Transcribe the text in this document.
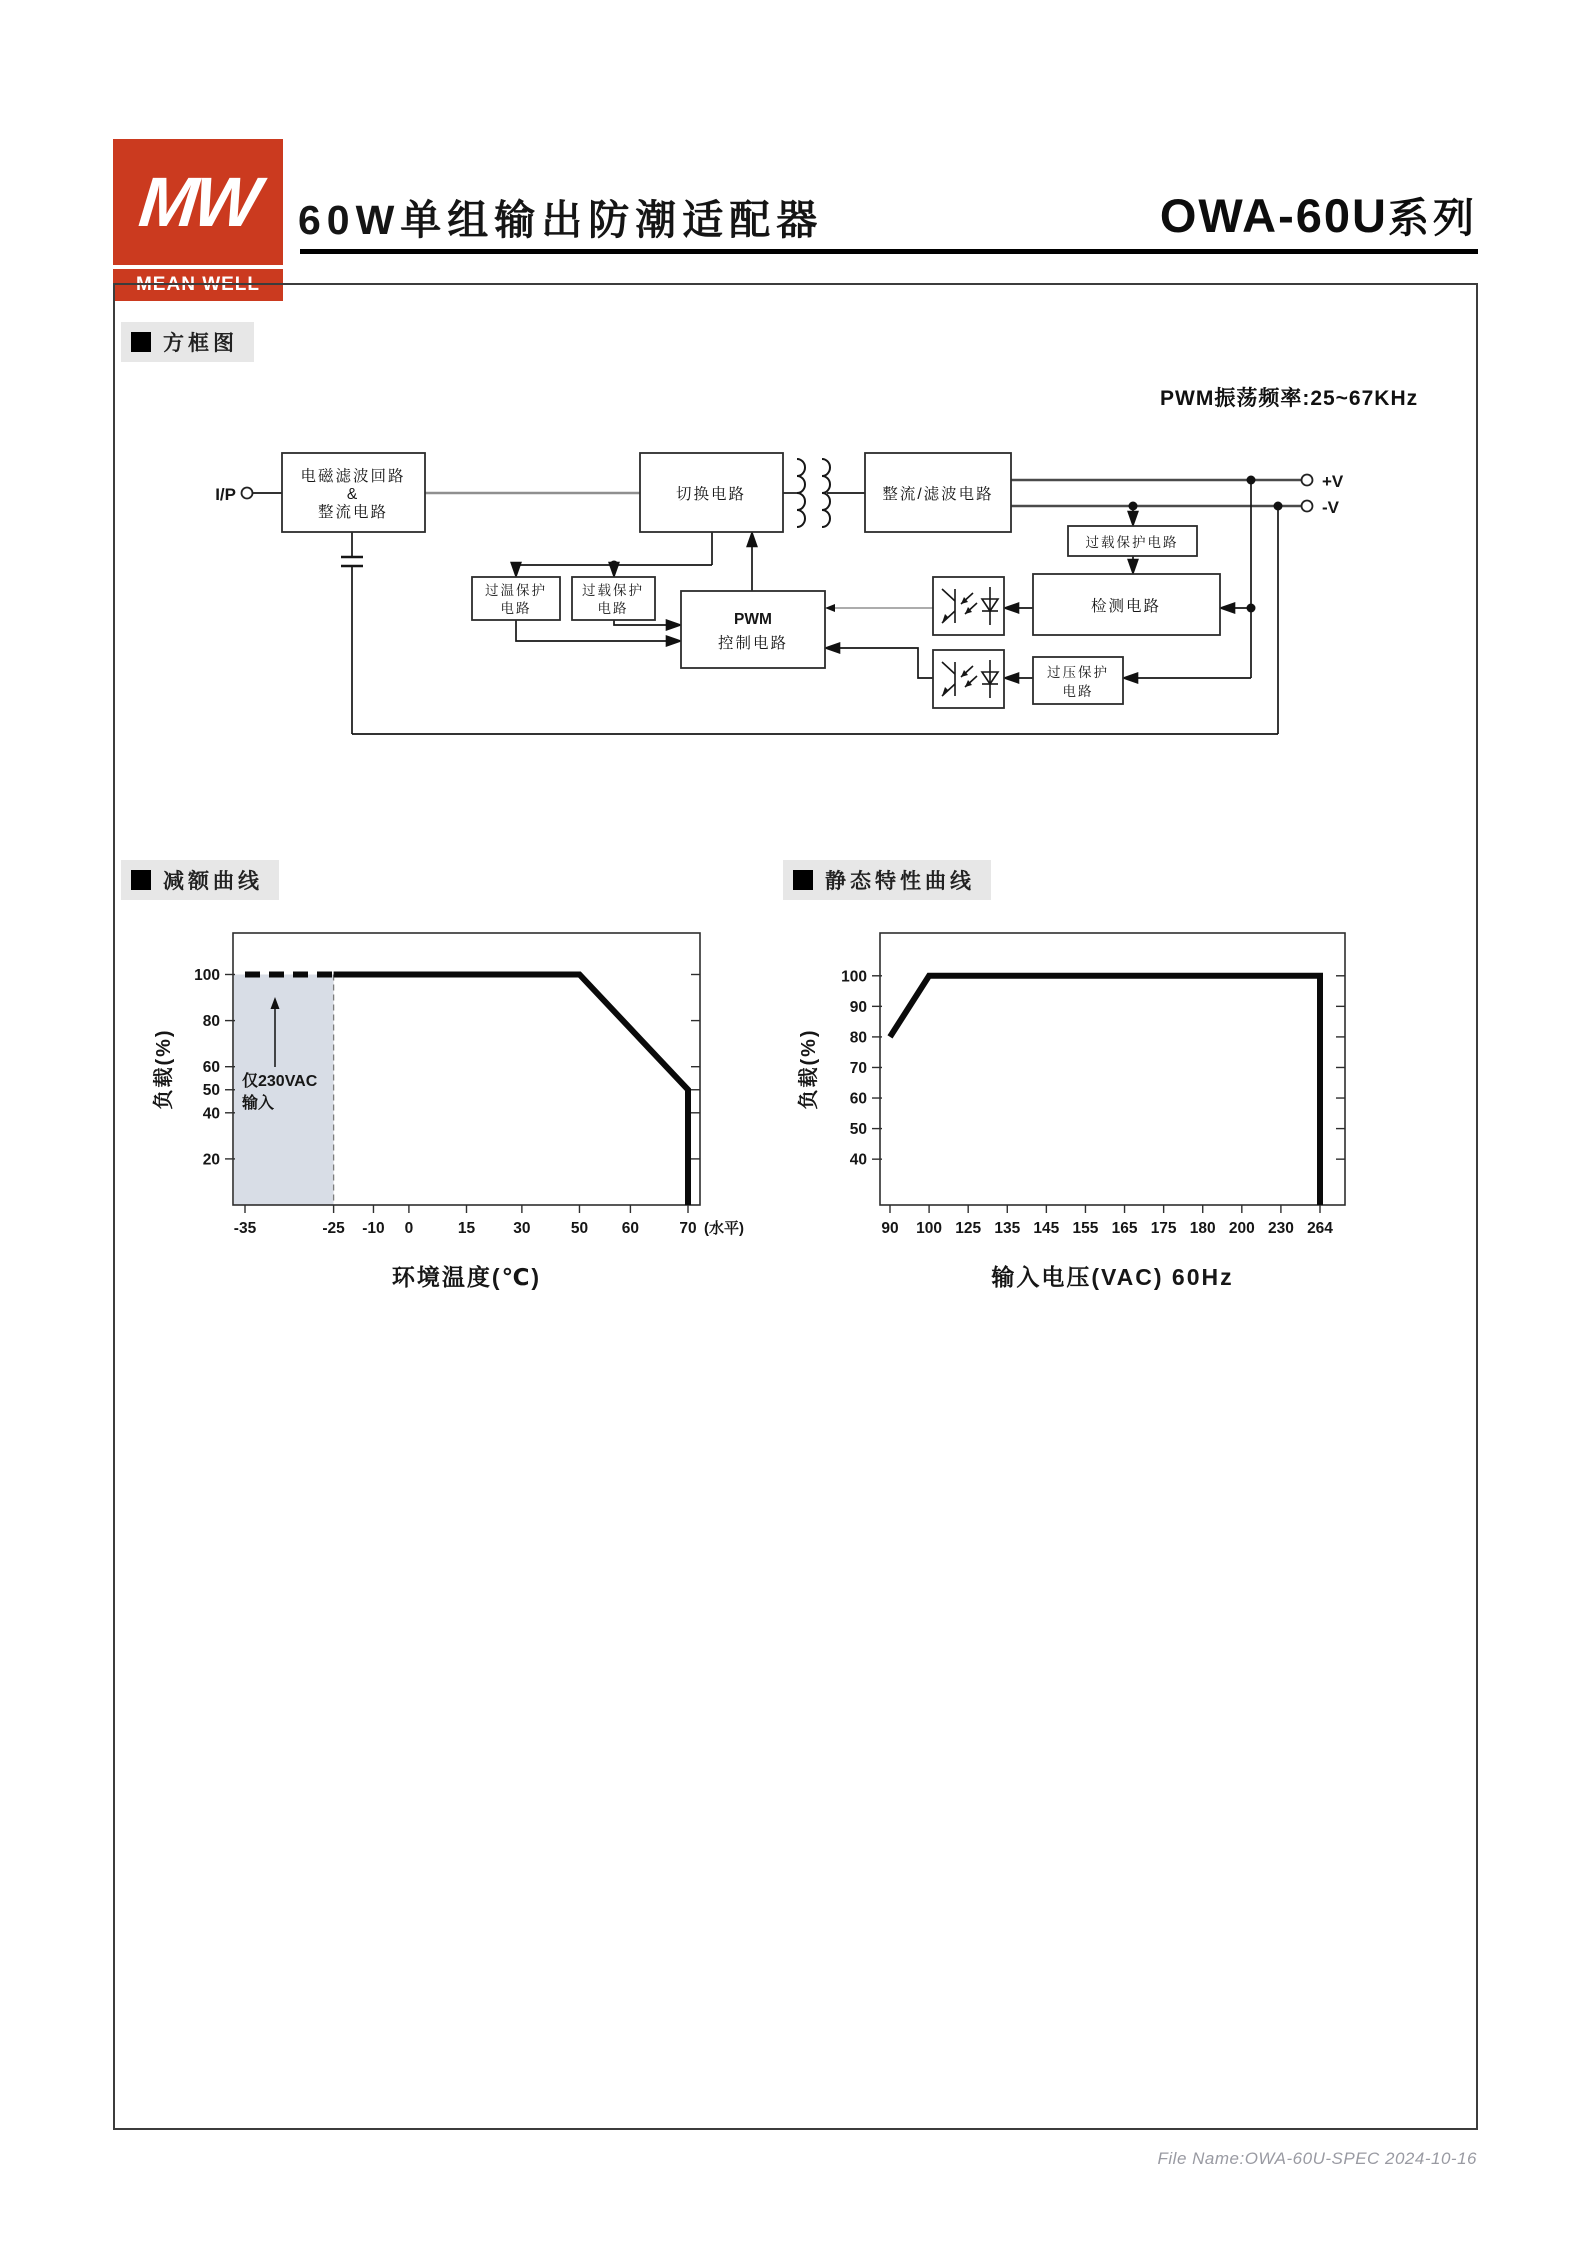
MW
MEAN WELL
60W单组输出防潮适配器	OWA-60U系列
方框图
减额曲线	静态特性曲线
PWM振荡频率:25~67KHz
I/P
+V
-V
电磁滤波回路
&
整流电路
切换电路	整流/滤波电路
过温保护
电路
过载保护
电路
PWM
控制电路
过载保护电路
检测电路
过压保护
电路
20
40
50
60
80
100
-35	-25 -10 0	15 30	50 60	70 (水平)
仅230VAC
输入
环境温度(℃)
负载(%)
40
50
60
70
80
90
100
90 100 125 135 145 155 165 175 180 200 230 264
输入电压(VAC) 60Hz
负载(%)
File Name:OWA-60U-SPEC 2024-10-16
